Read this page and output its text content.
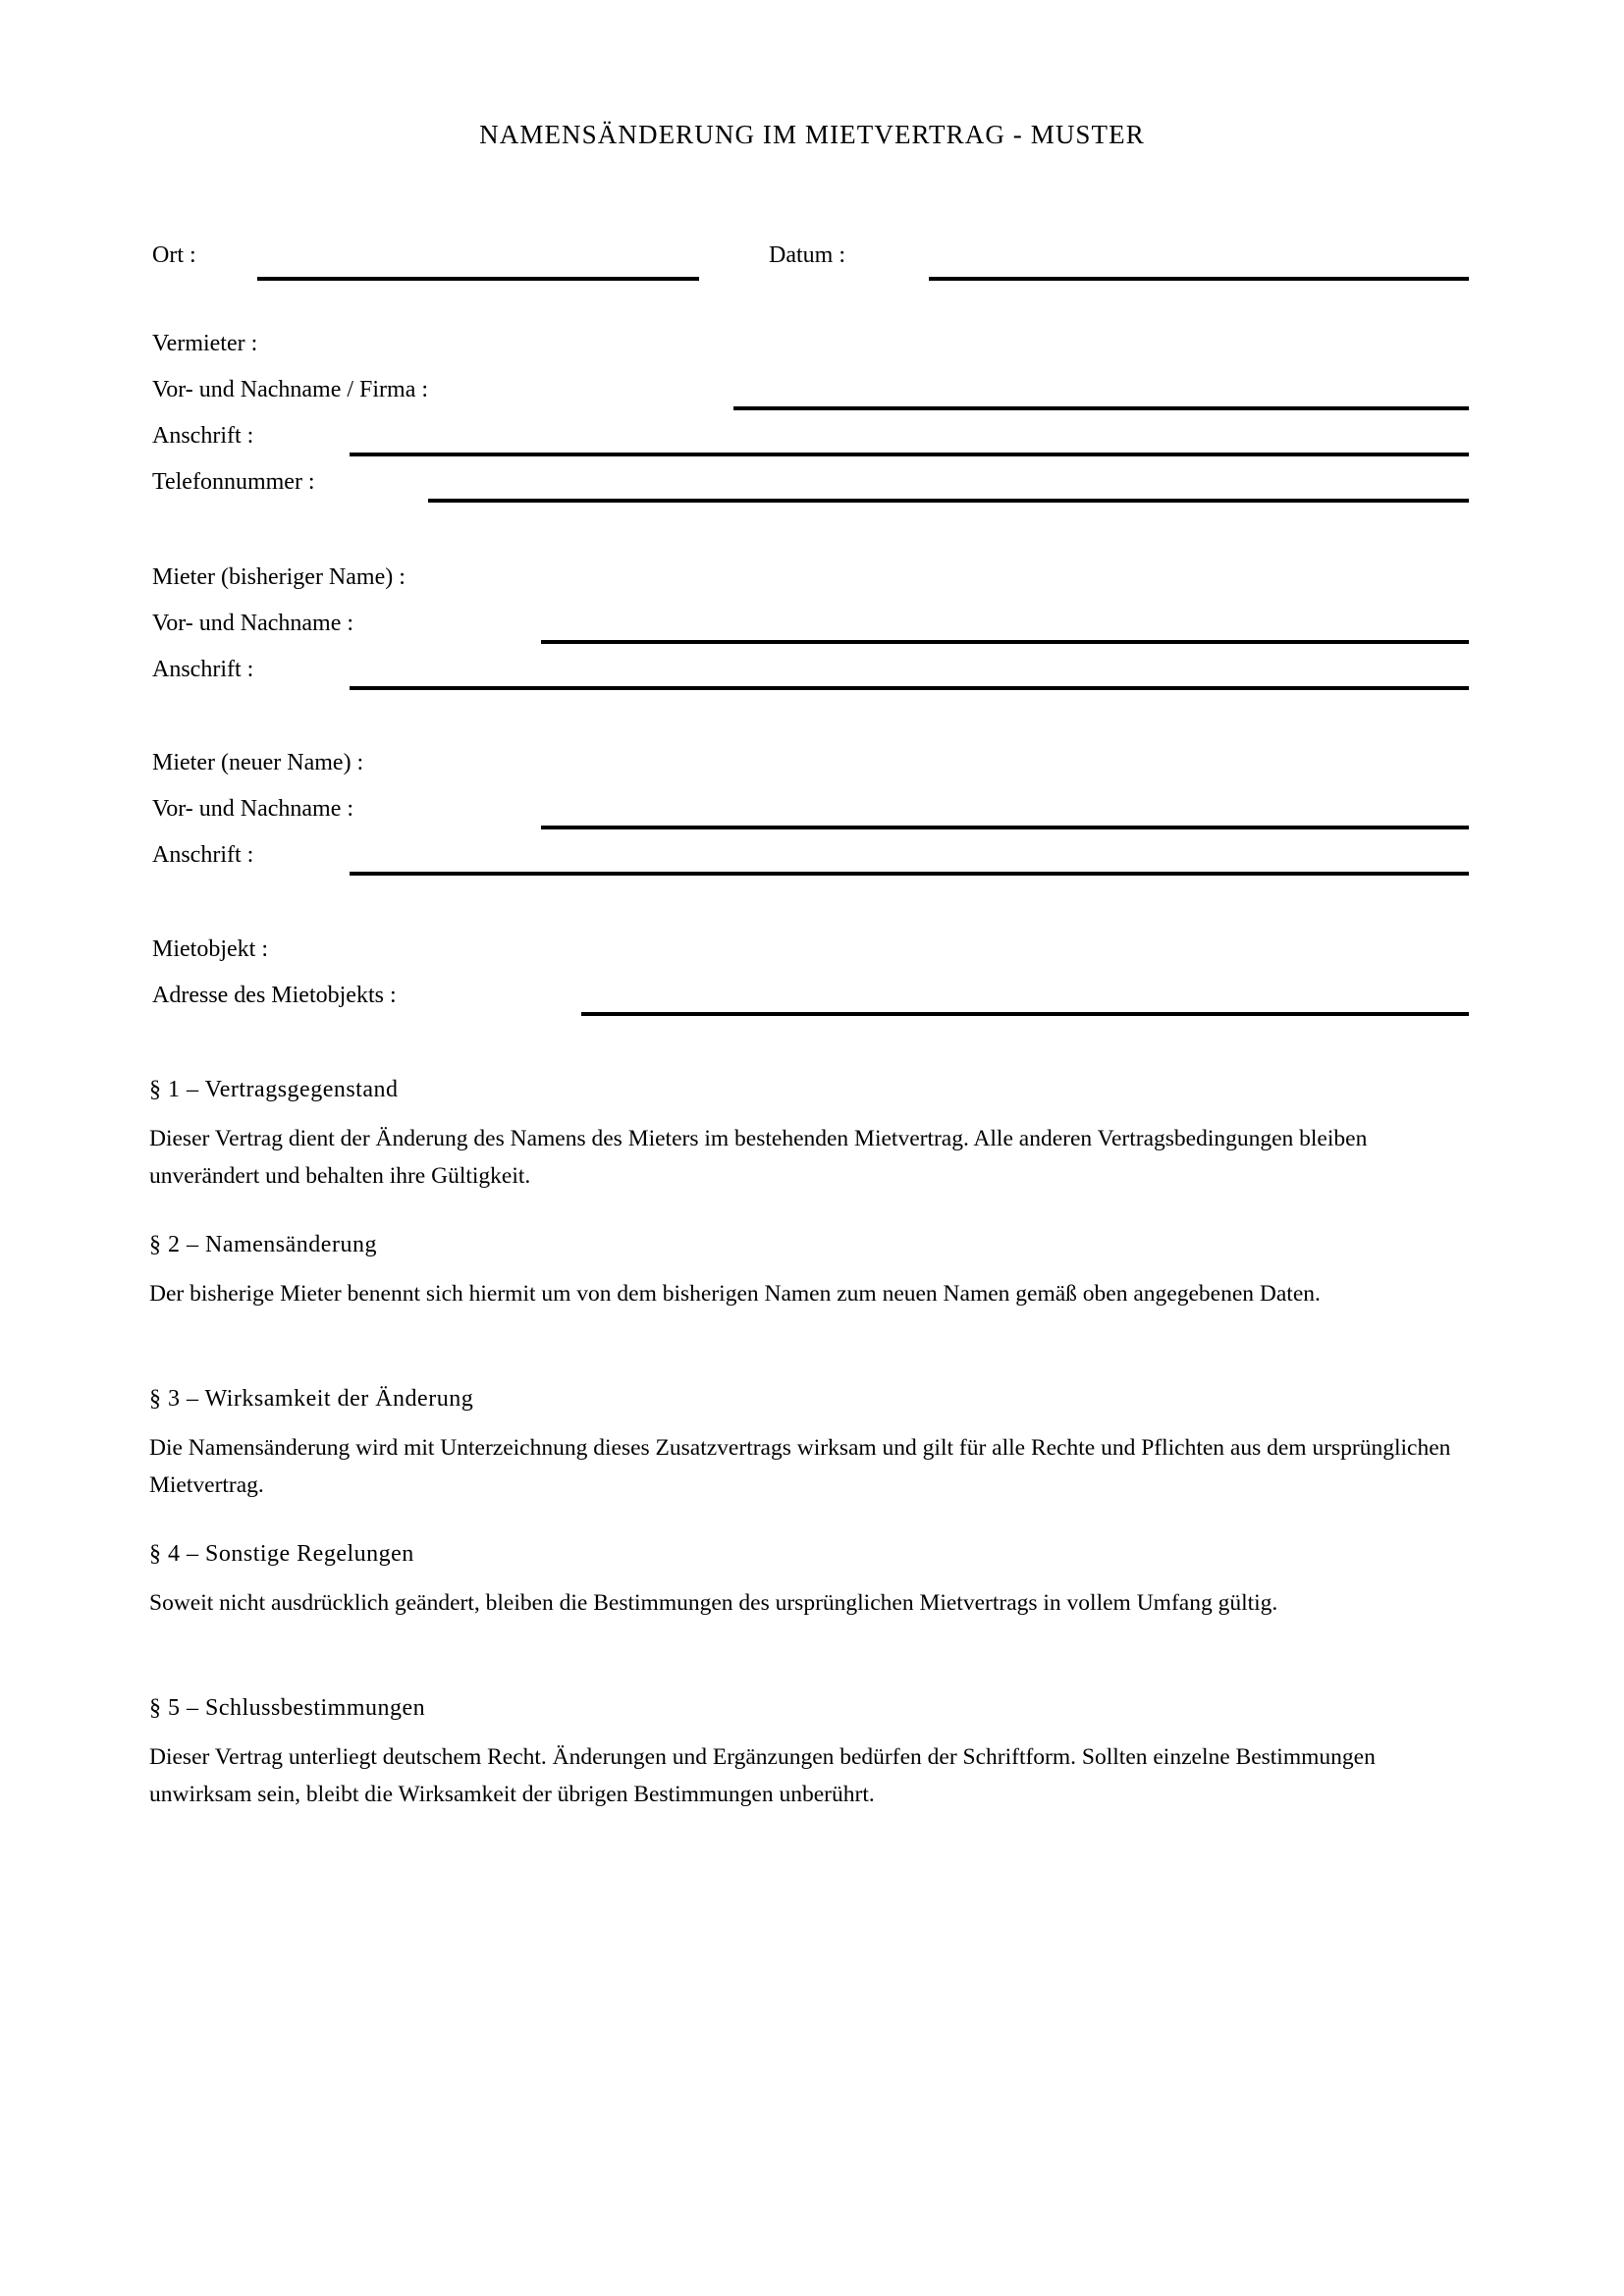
NAMENSÄNDERUNG IM MIETVERTRAG - MUSTER
Ort :	Datum :
Vermieter :
Vor- und Nachname / Firma :
Anschrift :
Telefonnummer :
Mieter (bisheriger Name) :
Vor- und Nachname :
Anschrift :
Mieter (neuer Name) :
Vor- und Nachname :
Anschrift :
Mietobjekt :
Adresse des Mietobjekts :

§ 1 – Vertragsgegenstand

Dieser Vertrag dient der Änderung des Namens des Mieters im bestehenden Mietvertrag. Alle anderen Vertragsbedingungen bleiben unverändert und behalten ihre Gültigkeit.

§ 2 – Namensänderung

Der bisherige Mieter benennt sich hiermit um von dem bisherigen Namen zum neuen Namen gemäß oben angegebenen Daten.

§ 3 – Wirksamkeit der Änderung

Die Namensänderung wird mit Unterzeichnung dieses Zusatzvertrags wirksam und gilt für alle Rechte und Pflichten aus dem ursprünglichen Mietvertrag.

§ 4 – Sonstige Regelungen

Soweit nicht ausdrücklich geändert, bleiben die Bestimmungen des ursprünglichen Mietvertrags in vollem Umfang gültig.

§ 5 – Schlussbestimmungen

Dieser Vertrag unterliegt deutschem Recht. Änderungen und Ergänzungen bedürfen der Schriftform. Sollten einzelne Bestimmungen unwirksam sein, bleibt die Wirksamkeit der übrigen Bestimmungen unberührt.
